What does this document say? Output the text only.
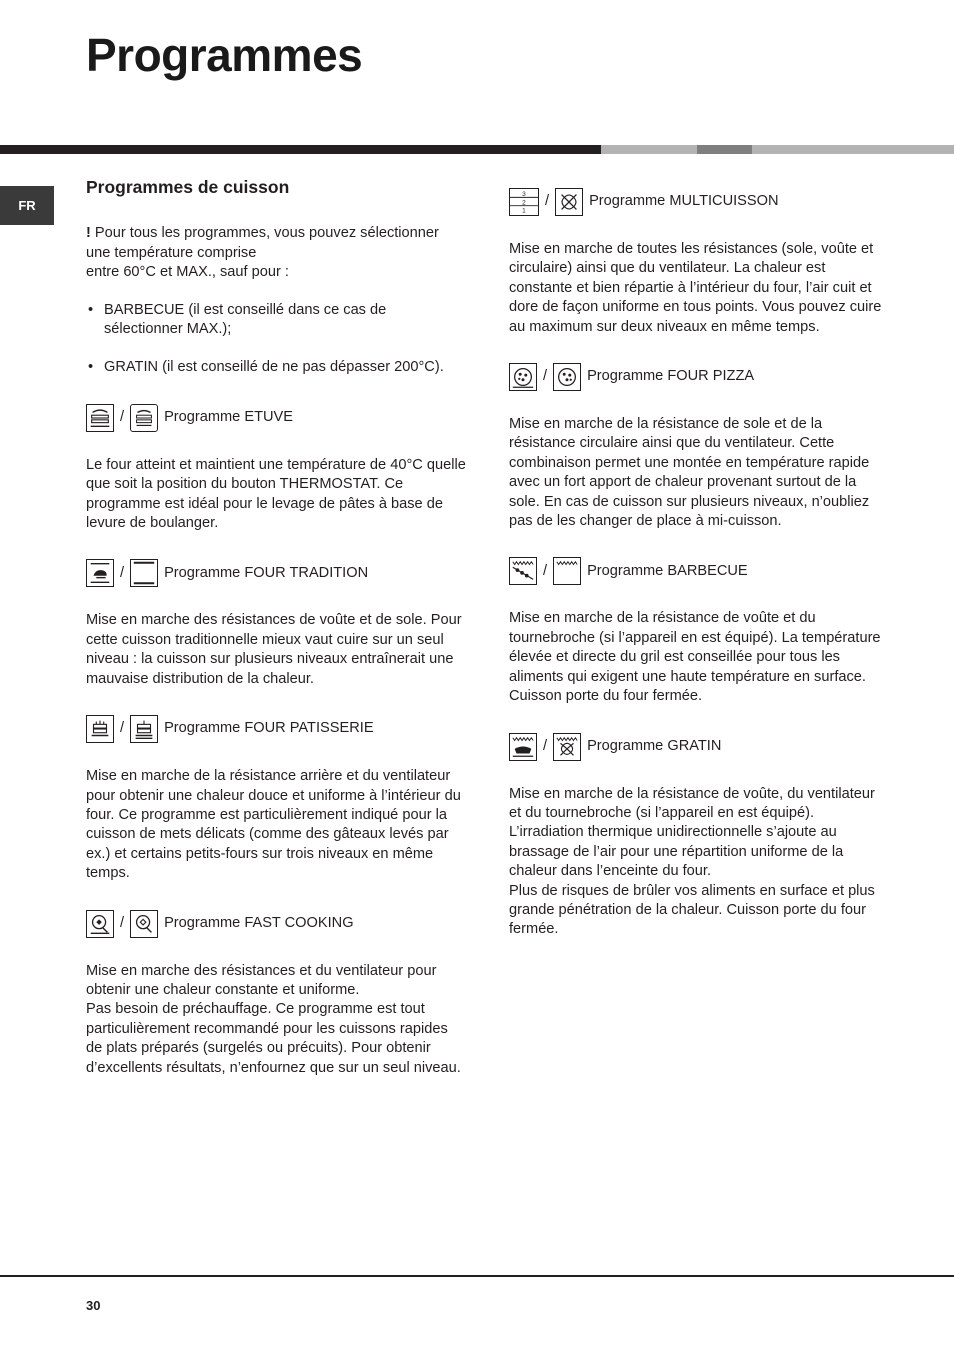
Programmes
FR
Programmes de cuisson

! Pour tous les programmes, vous pouvez sélectionner une température comprise
entre 60°C et MAX., sauf pour :

• BARBECUE (il est conseillé dans ce cas de sélectionner MAX.);
• GRATIN (il est conseillé de ne pas dépasser 200°C).
/	Programme ETUVE

Le four atteint et maintient une température de 40°C quelle que soit la position du bouton THERMOSTAT. Ce programme est idéal pour le levage de pâtes à base de levure de boulanger.

/	Programme FOUR TRADITION

Mise en marche des résistances de voûte et de sole. Pour cette cuisson traditionnelle mieux vaut cuire sur un seul niveau : la cuisson sur plusieurs niveaux entraînerait une mauvaise distribution de la chaleur.

/	Programme FOUR PATISSERIE

Mise en marche de la résistance arrière et du ventilateur pour obtenir une chaleur douce et uniforme à l’intérieur du four. Ce programme est particulièrement indiqué pour la cuisson de mets délicats (comme des gâteaux levés par ex.) et certains petits-fours sur trois niveaux en même temps.

/	Programme FAST COOKING

Mise en marche des résistances et du ventilateur pour obtenir une chaleur constante et uniforme.

Pas besoin de préchauffage. Ce programme est tout particulièrement recommandé pour les cuissons rapides de plats préparés (surgelés ou précuits). Pour obtenir d’excellents résultats, n’enfournez que sur un seul niveau.

3
2
1
/	Programme MULTICUISSON

Mise en marche de toutes les résistances (sole, voûte et circulaire) ainsi que du ventilateur. La chaleur est constante et bien répartie à l’intérieur du four, l’air cuit et dore de façon uniforme en tous points. Vous pouvez cuire au maximum sur deux niveaux en même temps.

/	Programme FOUR PIZZA

Mise en marche de la résistance de sole et de la résistance circulaire ainsi que du ventilateur. Cette combinaison permet une montée en température rapide avec un fort apport de chaleur provenant surtout de la sole. En cas de cuisson sur plusieurs niveaux, n’oubliez pas de les changer de place à mi-cuisson.

/	Programme BARBECUE

Mise en marche de la résistance de voûte et du tournebroche (si l’appareil en est équipé). La température élevée et directe du gril est conseillée pour tous les aliments qui exigent une haute température en surface. Cuisson porte du four fermée.

/	Programme GRATIN

Mise en marche de la résistance de voûte, du ventilateur et du tournebroche (si l’appareil en est équipé). L’irradiation thermique unidirectionnelle s’ajoute au brassage de l’air pour une répartition uniforme de la chaleur dans l’enceinte du four.

Plus de risques de brûler vos aliments en surface et plus grande pénétration de la chaleur. Cuisson porte du four fermée.

30
